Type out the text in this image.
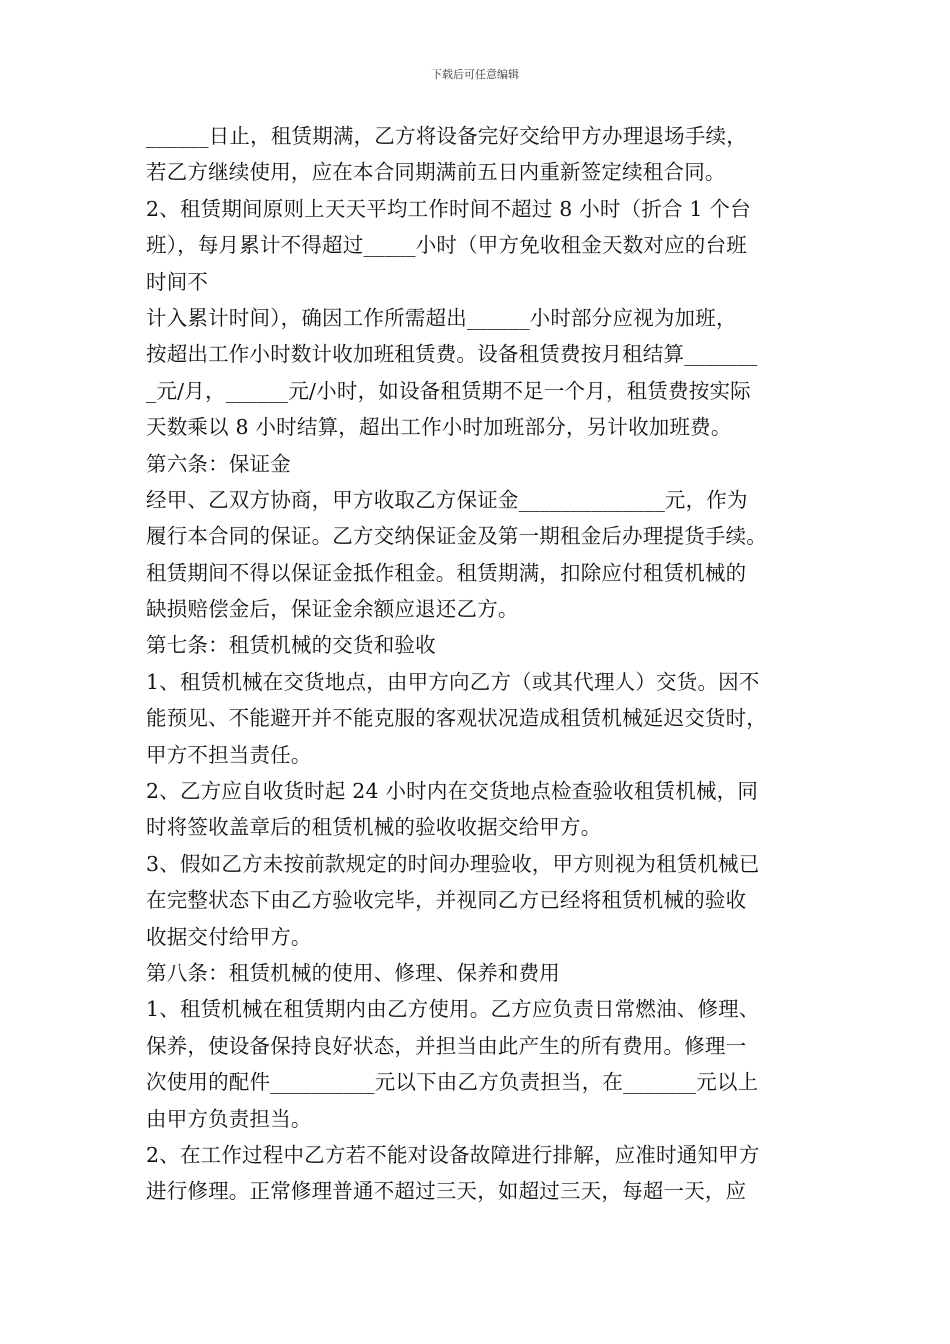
下载后可任意编辑
______日止，租赁期满，乙方将设备完好交给甲方办理退场手续，
若乙方继续使用，应在本合同期满前五日内重新签定续租合同。
2、租赁期间原则上天天平均工作时间不超过 8 小时（折合 1 个台
班），每月累计不得超过_____小时（甲方免收租金天数对应的台班
时间不
计入累计时间），确因工作所需超出______小时部分应视为加班，
按超出工作小时数计收加班租赁费。设备租赁费按月租结算_______
_元/月，______元/小时，如设备租赁期不足一个月，租赁费按实际
天数乘以 8 小时结算，超出工作小时加班部分，另计收加班费。
第六条：保证金
经甲、乙双方协商，甲方收取乙方保证金______________元，作为
履行本合同的保证。乙方交纳保证金及第一期租金后办理提货手续。
租赁期间不得以保证金抵作租金。租赁期满，扣除应付租赁机械的
缺损赔偿金后，保证金余额应退还乙方。
第七条：租赁机械的交货和验收
1、租赁机械在交货地点，由甲方向乙方（或其代理人）交货。因不
能预见、不能避开并不能克服的客观状况造成租赁机械延迟交货时，
甲方不担当责任。
2、乙方应自收货时起 24 小时内在交货地点检查验收租赁机械，同
时将签收盖章后的租赁机械的验收收据交给甲方。
3、假如乙方未按前款规定的时间办理验收，甲方则视为租赁机械已
在完整状态下由乙方验收完毕，并视同乙方已经将租赁机械的验收
收据交付给甲方。
第八条：租赁机械的使用、修理、保养和费用
1、租赁机械在租赁期内由乙方使用。乙方应负责日常燃油、修理、
保养，使设备保持良好状态，并担当由此产生的所有费用。修理一
次使用的配件__________元以下由乙方负责担当，在_______元以上
由甲方负责担当。
2、在工作过程中乙方若不能对设备故障进行排解，应准时通知甲方
进行修理。正常修理普通不超过三天，如超过三天，每超一天，应
